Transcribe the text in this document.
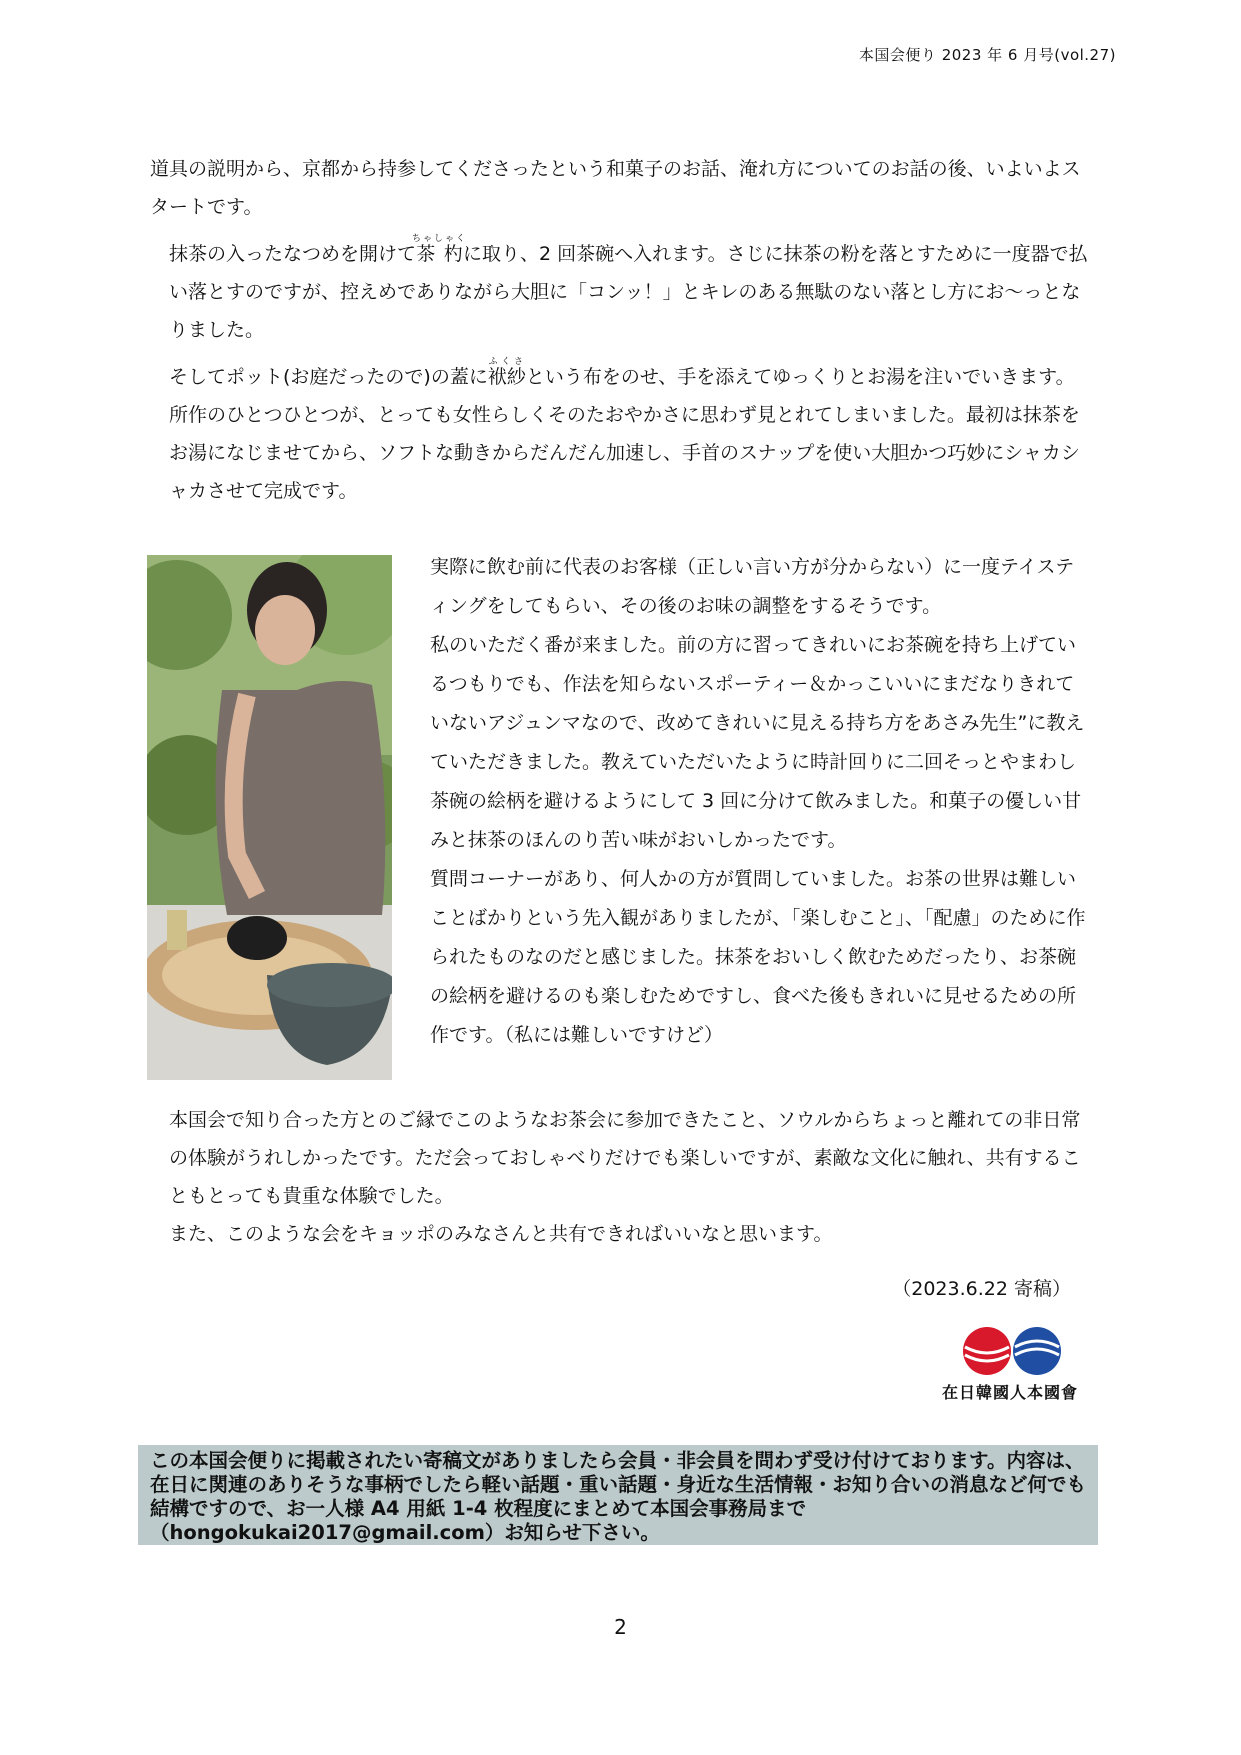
本国会便り 2023 年 6 月号(vol.27)

道具の説明から、京都から持参してくださったという和菓子のお話、淹れ方についてのお話の後、いよいよスタートです。

抹茶の入ったなつめを開けて茶杓ちゃしゃくに取り、2 回茶碗へ入れます。さじに抹茶の粉を落とすために一度器で払い落とすのですが、控えめでありながら大胆に「コンッ！」とキレのある無駄のない落とし方にお〜っとなりました。

そしてポット(お庭だったので)の蓋に袱紗ふくさという布をのせ、手を添えてゆっくりとお湯を注いでいきます。所作のひとつひとつが、とっても女性らしくそのたおやかさに思わず見とれてしまいました。最初は抹茶をお湯になじませてから、ソフトな動きからだんだん加速し、手首のスナップを使い大胆かつ巧妙にシャカシャカさせて完成です。

実際に飲む前に代表のお客様（正しい言い方が分からない）に一度テイスティングをしてもらい、その後のお味の調整をするそうです。

私のいただく番が来ました。前の方に習ってきれいにお茶碗を持ち上げているつもりでも、作法を知らないスポーティー＆かっこいいにまだなりきれていないアジュンマなので、改めてきれいに見える持ち方をあさみ先生”に教えていただきました。教えていただいたように時計回りに二回そっとやまわし茶碗の絵柄を避けるようにして 3 回に分けて飲みました。和菓子の優しい甘みと抹茶のほんのり苦い味がおいしかったです。

質問コーナーがあり、何人かの方が質問していました。お茶の世界は難しいことばかりという先入観がありましたが、「楽しむこと」、「配慮」のために作られたものなのだと感じました。抹茶をおいしく飲むためだったり、お茶碗の絵柄を避けるのも楽しむためですし、食べた後もきれいに見せるための所作です。（私には難しいですけど）

本国会で知り合った方とのご縁でこのようなお茶会に参加できたこと、ソウルからちょっと離れての非日常の体験がうれしかったです。ただ会っておしゃべりだけでも楽しいですが、素敵な文化に触れ、共有することもとっても貴重な体験でした。

また、このような会をキョッポのみなさんと共有できればいいなと思います。

（2023.6.22 寄稿）
在日韓國人本國會

この本国会便りに掲載されたい寄稿文がありましたら会員・非会員を問わず受け付けております。内容は、在日に関連のありそうな事柄でしたら軽い話題・重い話題・身近な生活情報・お知り合いの消息など何でも結構ですので、お一人様 A4 用紙 1-4 枚程度にまとめて本国会事務局まで（hongokukai2017@gmail.com）お知らせ下さい。

2
